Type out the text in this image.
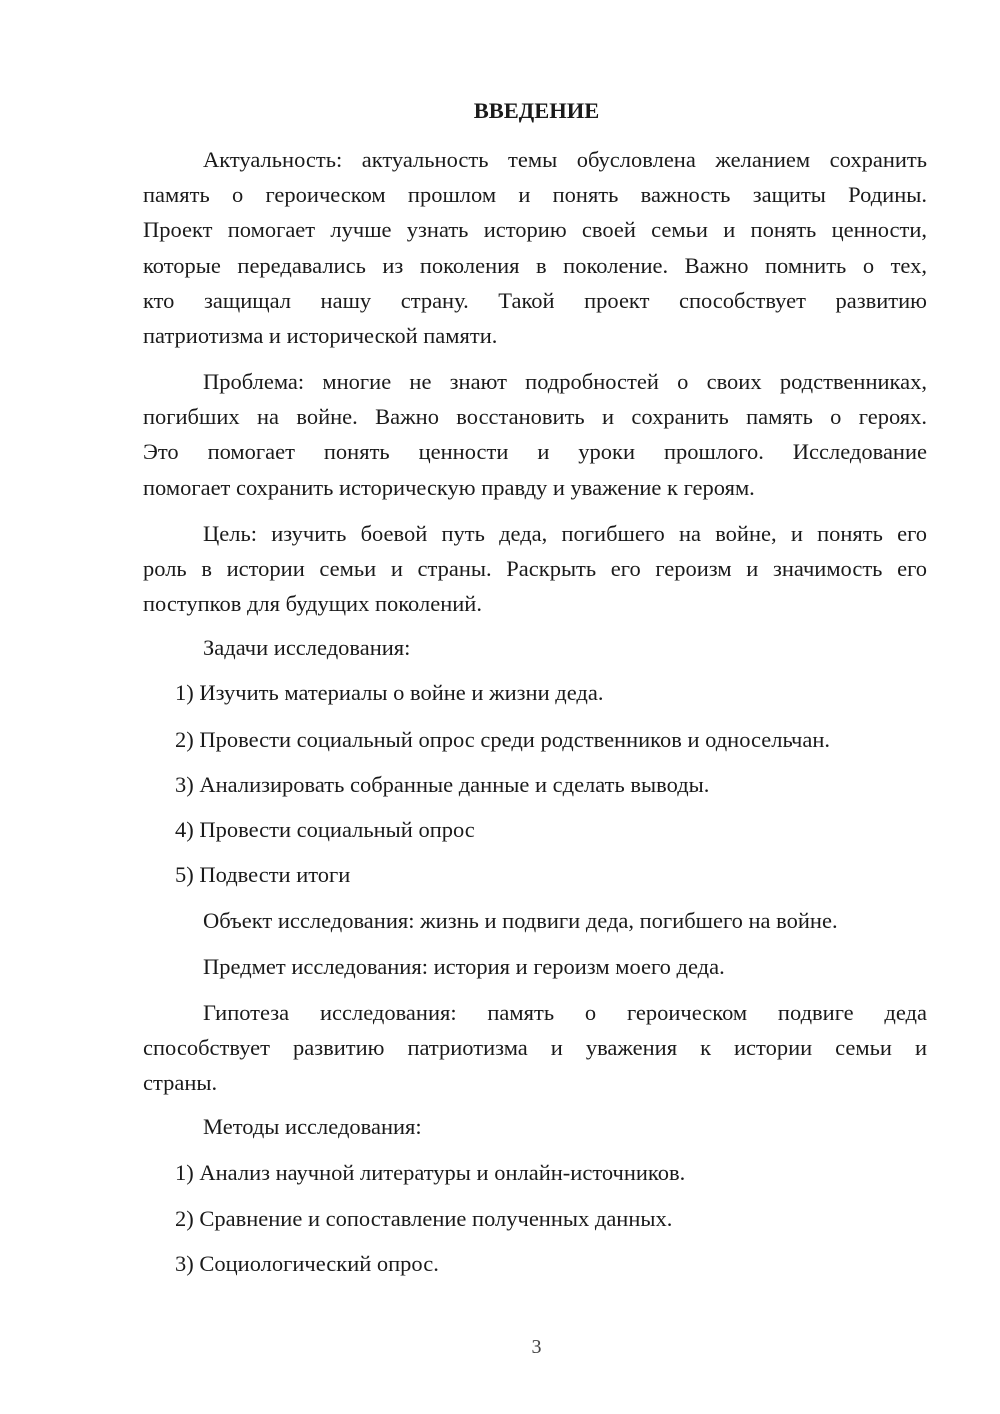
ВВЕДЕНИЕ
Актуальность: актуальность темы обусловлена желанием сохранить
память о героическом прошлом и понять важность защиты Родины.
Проект помогает лучше узнать историю своей семьи и понять ценности,
которые передавались из поколения в поколение. Важно помнить о тех,
кто защищал нашу страну. Такой проект способствует развитию
патриотизма и исторической памяти.
Проблема: многие не знают подробностей о своих родственниках,
погибших на войне. Важно восстановить и сохранить память о героях.
Это помогает понять ценности и уроки прошлого. Исследование
помогает сохранить историческую правду и уважение к героям.
Цель: изучить боевой путь деда, погибшего на войне, и понять его
роль в истории семьи и страны. Раскрыть его героизм и значимость его
поступков для будущих поколений.
Задачи исследования:
1) Изучить материалы о войне и жизни деда.
2) Провести социальный опрос среди родственников и односельчан.
3) Анализировать собранные данные и сделать выводы.
4) Провести социальный опрос
5) Подвести итоги
Объект исследования: жизнь и подвиги деда, погибшего на войне.
Предмет исследования: история и героизм моего деда.
Гипотеза исследования: память о героическом подвиге деда
способствует развитию патриотизма и уважения к истории семьи и
страны.
Методы исследования:
1) Анализ научной литературы и онлайн-источников.
2) Сравнение и сопоставление полученных данных.
3) Социологический опрос.
3
